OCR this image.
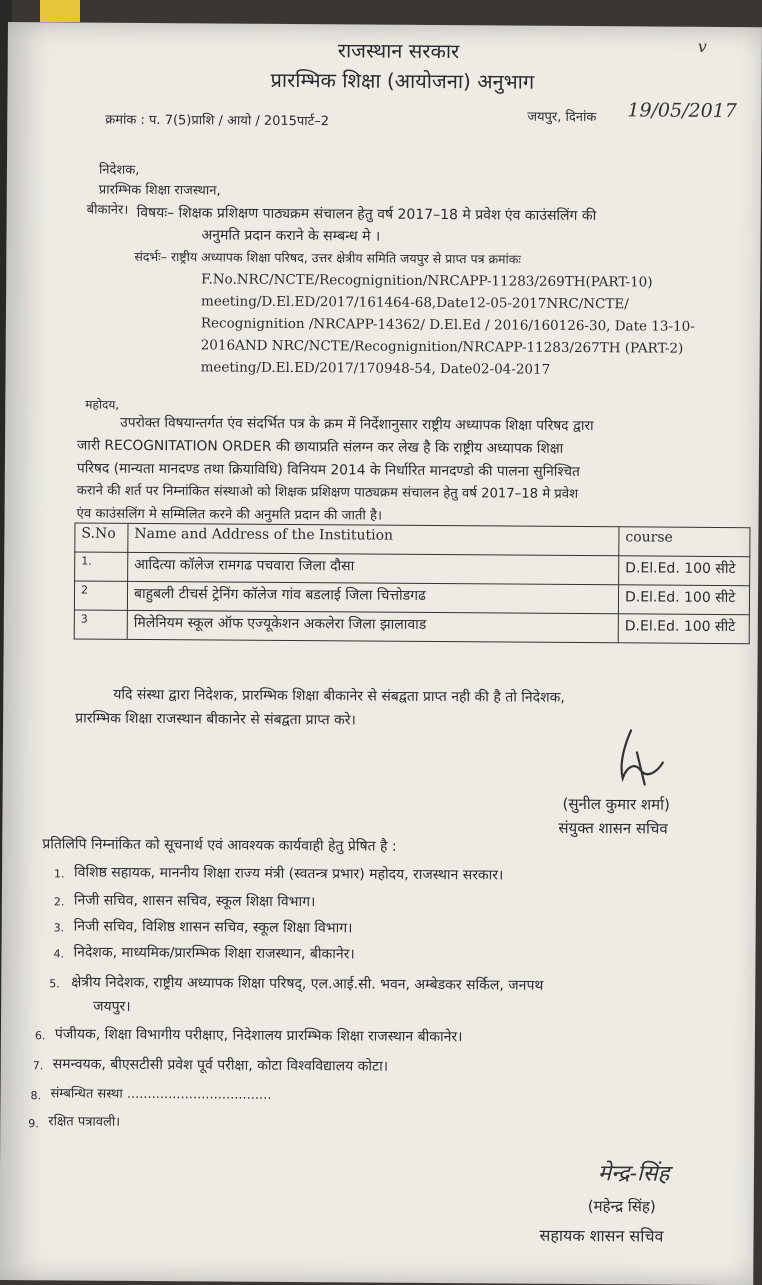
राजस्थान सरकार
प्रारम्भिक शिक्षा (आयोजना) अनुभाग
v
क्रमांक : प. 7(5)प्राशि / आयो / 2015पार्ट–2	जयपुर, दिनांक 19/05/2017
निदेशक,
प्रारम्भिक शिक्षा राजस्थान,
बीकानेर। विषयः– शिक्षक प्रशिक्षण पाठ्यक्रम संचालन हेतु वर्ष 2017–18 मे प्रवेश एंव काउंसलिंग की
अनुमति प्रदान कराने के सम्बन्ध मे ।
संदर्भः– राष्ट्रीय अध्यापक शिक्षा परिषद, उत्तर क्षेत्रीय समिति जयपुर से प्राप्त पत्र क्रमांकः
F.No.NRC/NCTE/Recognignition/NRCAPP-11283/269TH(PART-10)
meeting/D.El.ED/2017/161464-68,Date12-05-2017NRC/NCTE/
Recognignition /NRCAPP-14362/ D.El.Ed / 2016/160126-30, Date 13-10-
2016AND NRC/NCTE/Recognignition/NRCAPP-11283/267TH (PART-2)
meeting/D.El.ED/2017/170948-54, Date02-04-2017
महोदय,
उपरोक्त विषयान्तर्गत एंव संदर्भित पत्र के क्रम में निर्देशानुसार राष्ट्रीय अध्यापक शिक्षा परिषद द्वारा
जारी RECOGNITATION ORDER की छायाप्रति संलग्न कर लेख है कि राष्ट्रीय अध्यापक शिक्षा
परिषद (मान्यता मानदण्ड तथा क्रियाविधि) विनियम 2014 के निर्धारित मानदण्डो की पालना सुनिश्चित
कराने की शर्त पर निम्नांकित संस्थाओ को शिक्षक प्रशिक्षण पाठ्यक्रम संचालन हेतु वर्ष 2017–18 मे प्रवेश
एंव काउंसलिंग मे सम्मिलित करने की अनुमति प्रदान की जाती है।
S.No	Name and Address of the Institution	course
1.	आदित्या कॉलेज रामगढ पचवारा जिला दौसा	D.El.Ed. 100 सीटे
2	बाहुबली टीचर्स ट्रेनिंग कॉलेज गांव बडलाई जिला चित्तोडगढ	D.El.Ed. 100 सीटे
3	मिलेनियम स्कूल ऑफ एज्यूकेशन अकलेरा जिला झालावाड	D.El.Ed. 100 सीटे
यदि संस्था द्वारा निदेशक, प्रारम्भिक शिक्षा बीकानेर से संबद्वता प्राप्त नही की है तो निदेशक,
प्रारम्भिक शिक्षा राजस्थान बीकानेर से संबद्वता प्राप्त करे।
(सुनील कुमार शर्मा)
संयुक्त शासन सचिव
प्रतिलिपि निम्नांकित को सूचनार्थ एवं आवश्यक कार्यवाही हेतु प्रेषित है :
1. विशिष्ठ सहायक, माननीय शिक्षा राज्य मंत्री (स्वतन्त्र प्रभार) महोदय, राजस्थान सरकार।
2. निजी सचिव, शासन सचिव, स्कूल शिक्षा विभाग।
3. निजी सचिव, विशिष्ठ शासन सचिव, स्कूल शिक्षा विभाग।
4. निदेशक, माध्यमिक/प्रारम्भिक शिक्षा राजस्थान, बीकानेर।
5. क्षेत्रीय निदेशक, राष्ट्रीय अध्यापक शिक्षा परिषद्, एल.आई.सी. भवन, अम्बेडकर सर्किल, जनपथ
जयपुर।
6. पंजीयक, शिक्षा विभागीय परीक्षाए, निदेशालय प्रारम्भिक शिक्षा राजस्थान बीकानेर।
7. समन्वयक, बीएसटीसी प्रवेश पूर्व परीक्षा, कोटा विश्वविद्यालय कोटा।
8. संम्बन्धित सस्था ...................................
9. रक्षित पत्रावली।
मेन्द्र-सिंह
(महेन्द्र सिंह)
सहायक शासन सचिव
